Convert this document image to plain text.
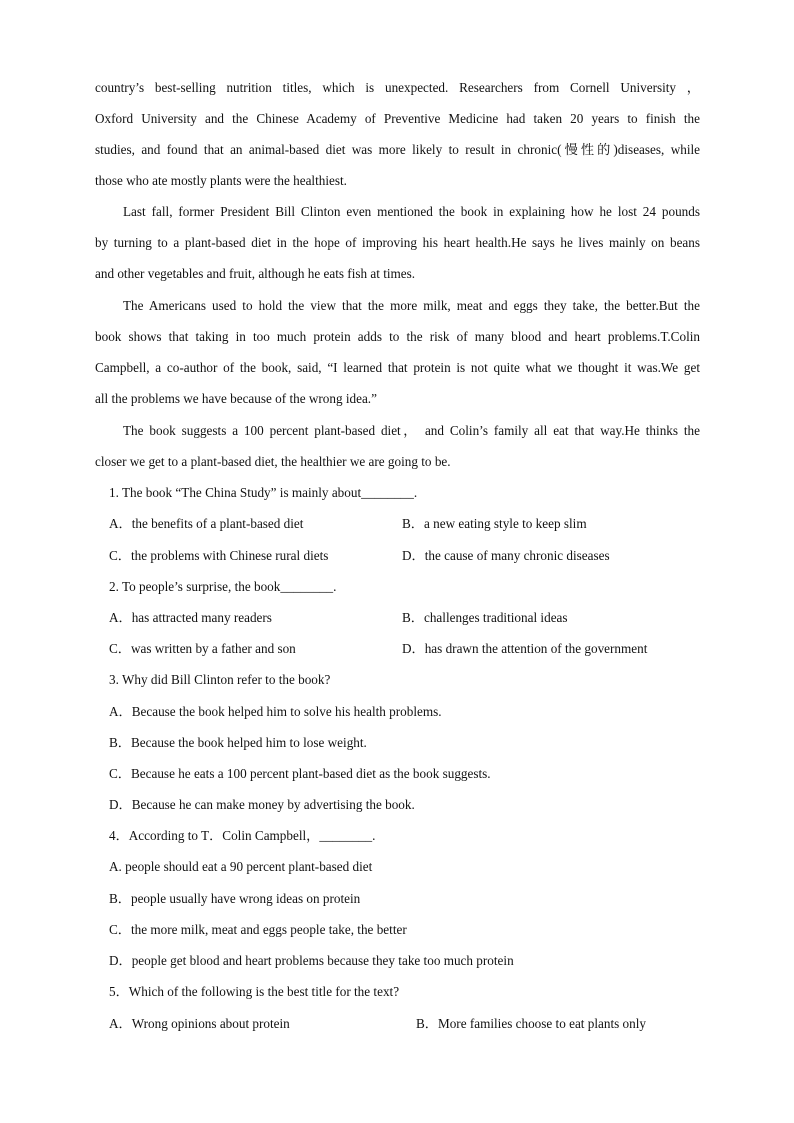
country’s best-selling nutrition titles, which is unexpected. Researchers from Cornell University ，
Oxford University and the Chinese Academy of Preventive Medicine had taken 20 years to finish the
studies, and found that an animal-based diet was more likely to result in chronic(慢性的)diseases, while
those who ate mostly plants were the healthiest.
Last fall, former President Bill Clinton even mentioned the book in explaining how he lost 24 pounds
by turning to a plant-based diet in the hope of improving his heart health.He says he lives mainly on beans
and other vegetables and fruit, although he eats fish at times.
The Americans used to hold the view that the more milk, meat and eggs they take, the better.But the
book shows that taking in too much protein adds to the risk of many blood and heart problems.T.Colin
Campbell, a co-author of the book, said, “I learned that protein is not quite what we thought it was.We get
all the problems we have because of the wrong idea.”
The book suggests a 100 percent plant-based diet， and Colin’s family all eat that way.He thinks the
closer we get to a plant-based diet, the healthier we are going to be.
1. The book “The China Study” is mainly about________.
A．the benefits of a plant-based diet	B．a new eating style to keep slim
C．the problems with Chinese rural diets	D．the cause of many chronic diseases
2. To people’s surprise, the book________.
A．has attracted many readers	B．challenges traditional ideas
C．was written by a father and son	D．has drawn the attention of the government
3. Why did Bill Clinton refer to the book?
A．Because the book helped him to solve his health problems.
B．Because the book helped him to lose weight.
C．Because he eats a 100 percent plant-based diet as the book suggests.
D．Because he can make money by advertising the book.
4．According to T．Colin Campbell，________.
A. people should eat a 90 percent plant-based diet
B．people usually have wrong ideas on protein
C．the more milk, meat and eggs people take, the better
D．people get blood and heart problems because they take too much protein
5．Which of the following is the best title for the text?
A．Wrong opinions about protein	B．More families choose to eat plants only
